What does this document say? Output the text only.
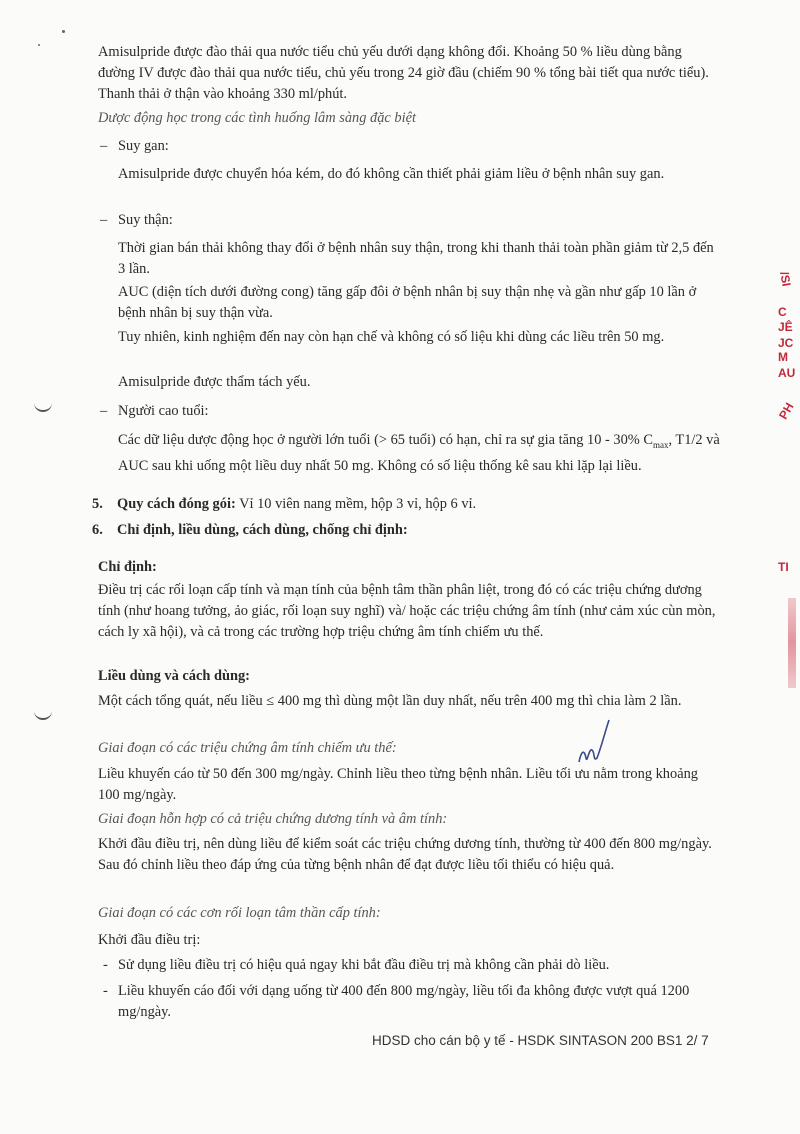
Amisulpride được đào thải qua nước tiểu chủ yếu dưới dạng không đổi. Khoảng 50 % liều dùng bằng đường IV được đào thải qua nước tiểu, chủ yếu trong 24 giờ đầu (chiếm 90 % tổng bài tiết qua nước tiểu). Thanh thải ở thận vào khoảng 330 ml/phút.

Dược động học trong các tình huống lâm sàng đặc biệt

– Suy gan:

Amisulpride được chuyển hóa kém, do đó không cần thiết phải giảm liều ở bệnh nhân suy gan.

– Suy thận:

Thời gian bán thải không thay đổi ở bệnh nhân suy thận, trong khi thanh thải toàn phần giảm từ 2,5 đến 3 lần.

AUC (diện tích dưới đường cong) tăng gấp đôi ở bệnh nhân bị suy thận nhẹ và gần như gấp 10 lần ở bệnh nhân bị suy thận vừa.

Tuy nhiên, kinh nghiệm đến nay còn hạn chế và không có số liệu khi dùng các liều trên 50 mg.

Amisulpride được thẩm tách yếu.

– Người cao tuổi:

Các dữ liệu dược động học ở người lớn tuổi (> 65 tuổi) có hạn, chỉ ra sự gia tăng 10 - 30% $C_{max}$, T1/2 và AUC sau khi uống một liều duy nhất 50 mg. Không có số liệu thống kê sau khi lặp lại liều.

5. Quy cách đóng gói: Vỉ 10 viên nang mềm, hộp 3 vỉ, hộp 6 vỉ.
6. Chỉ định, liều dùng, cách dùng, chống chỉ định:

Chỉ định:

Điều trị các rối loạn cấp tính và mạn tính của bệnh tâm thần phân liệt, trong đó có các triệu chứng dương tính (như hoang tưởng, ảo giác, rối loạn suy nghĩ) và/ hoặc các triệu chứng âm tính (như cảm xúc cùn mòn, cách ly xã hội), và cả trong các trường hợp triệu chứng âm tính chiếm ưu thế.

Liều dùng và cách dùng:

Một cách tổng quát, nếu liều ≤ 400 mg thì dùng một lần duy nhất, nếu trên 400 mg thì chia làm 2 lần.

Giai đoạn có các triệu chứng âm tính chiếm ưu thế:

Liều khuyến cáo từ 50 đến 300 mg/ngày. Chỉnh liều theo từng bệnh nhân. Liều tối ưu nằm trong khoảng 100 mg/ngày.

Giai đoạn hỗn hợp có cả triệu chứng dương tính và âm tính:

Khởi đầu điều trị, nên dùng liều để kiểm soát các triệu chứng dương tính, thường từ 400 đến 800 mg/ngày. Sau đó chỉnh liều theo đáp ứng của từng bệnh nhân để đạt được liều tối thiểu có hiệu quả.

Giai đoạn có các cơn rối loạn tâm thần cấp tính:

Khởi đầu điều trị:

- Sử dụng liều điều trị có hiệu quả ngay khi bắt đầu điều trị mà không cần phải dò liều.

- Liều khuyến cáo đối với dạng uống từ 400 đến 800 mg/ngày, liều tối đa không được vượt quá 1200 mg/ngày.

HDSD cho cán bộ y tế - HSDK SINTASON 200 BS1 2/ 7
/SI
C
JÊ
JC
M
AU
PH
TI
